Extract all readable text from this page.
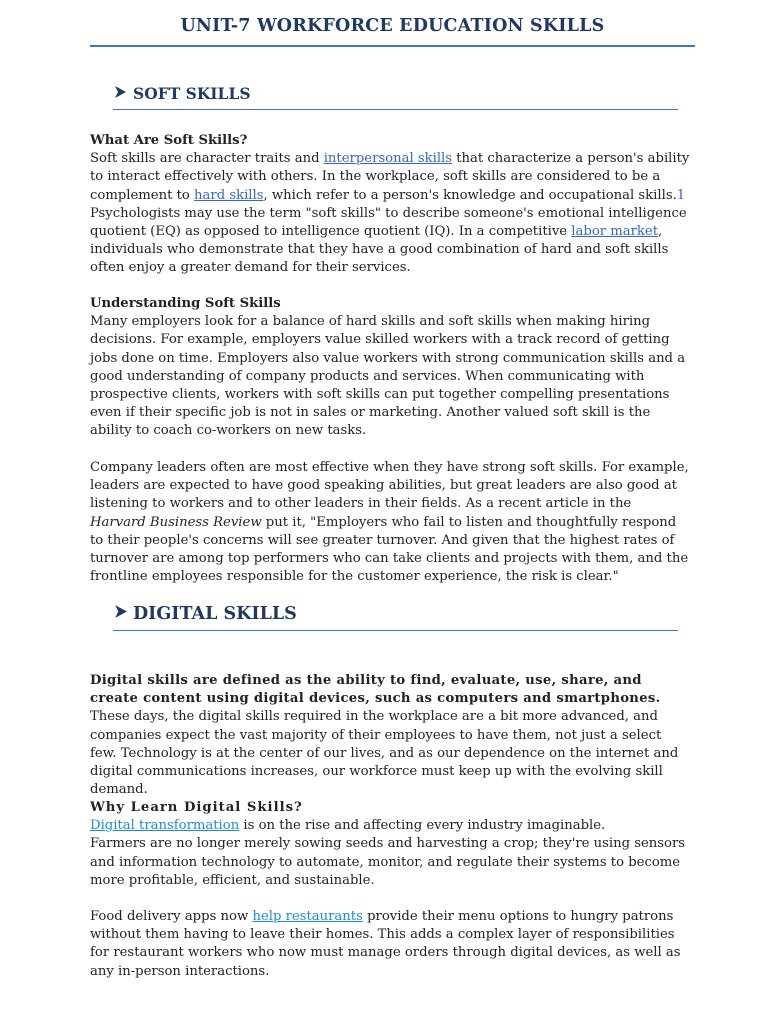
UNIT-7 WORKFORCE EDUCATION SKILLS
SOFT SKILLS

What Are Soft Skills?

Soft skills are character traits and interpersonal skills that characterize a person's ability to interact effectively with others. In the workplace, soft skills are considered to be a complement to hard skills, which refer to a person's knowledge and occupational skills.1 Psychologists may use the term "soft skills" to describe someone's emotional intelligence quotient (EQ) as opposed to intelligence quotient (IQ). In a competitive labor market, individuals who demonstrate that they have a good combination of hard and soft skills often enjoy a greater demand for their services.

Understanding Soft Skills

Many employers look for a balance of hard skills and soft skills when making hiring decisions. For example, employers value skilled workers with a track record of getting jobs done on time. Employers also value workers with strong communication skills and a good understanding of company products and services. When communicating with prospective clients, workers with soft skills can put together compelling presentations even if their specific job is not in sales or marketing. Another valued soft skill is the ability to coach co-workers on new tasks.

Company leaders often are most effective when they have strong soft skills. For example, leaders are expected to have good speaking abilities, but great leaders are also good at listening to workers and to other leaders in their fields. As a recent article in the Harvard Business Review put it, "Employers who fail to listen and thoughtfully respond to their people's concerns will see greater turnover. And given that the highest rates of turnover are among top performers who can take clients and projects with them, and the frontline employees responsible for the customer experience, the risk is clear."

DIGITAL SKILLS

Digital skills are defined as the ability to find, evaluate, use, share, and create content using digital devices, such as computers and smartphones.

These days, the digital skills required in the workplace are a bit more advanced, and companies expect the vast majority of their employees to have them, not just a select few. Technology is at the center of our lives, and as our dependence on the internet and digital communications increases, our workforce must keep up with the evolving skill demand.

Why Learn Digital Skills?

Digital transformation is on the rise and affecting every industry imaginable.

Farmers are no longer merely sowing seeds and harvesting a crop; they're using sensors and information technology to automate, monitor, and regulate their systems to become more profitable, efficient, and sustainable.

Food delivery apps now help restaurants provide their menu options to hungry patrons without them having to leave their homes. This adds a complex layer of responsibilities for restaurant workers who now must manage orders through digital devices, as well as any in-person interactions.
